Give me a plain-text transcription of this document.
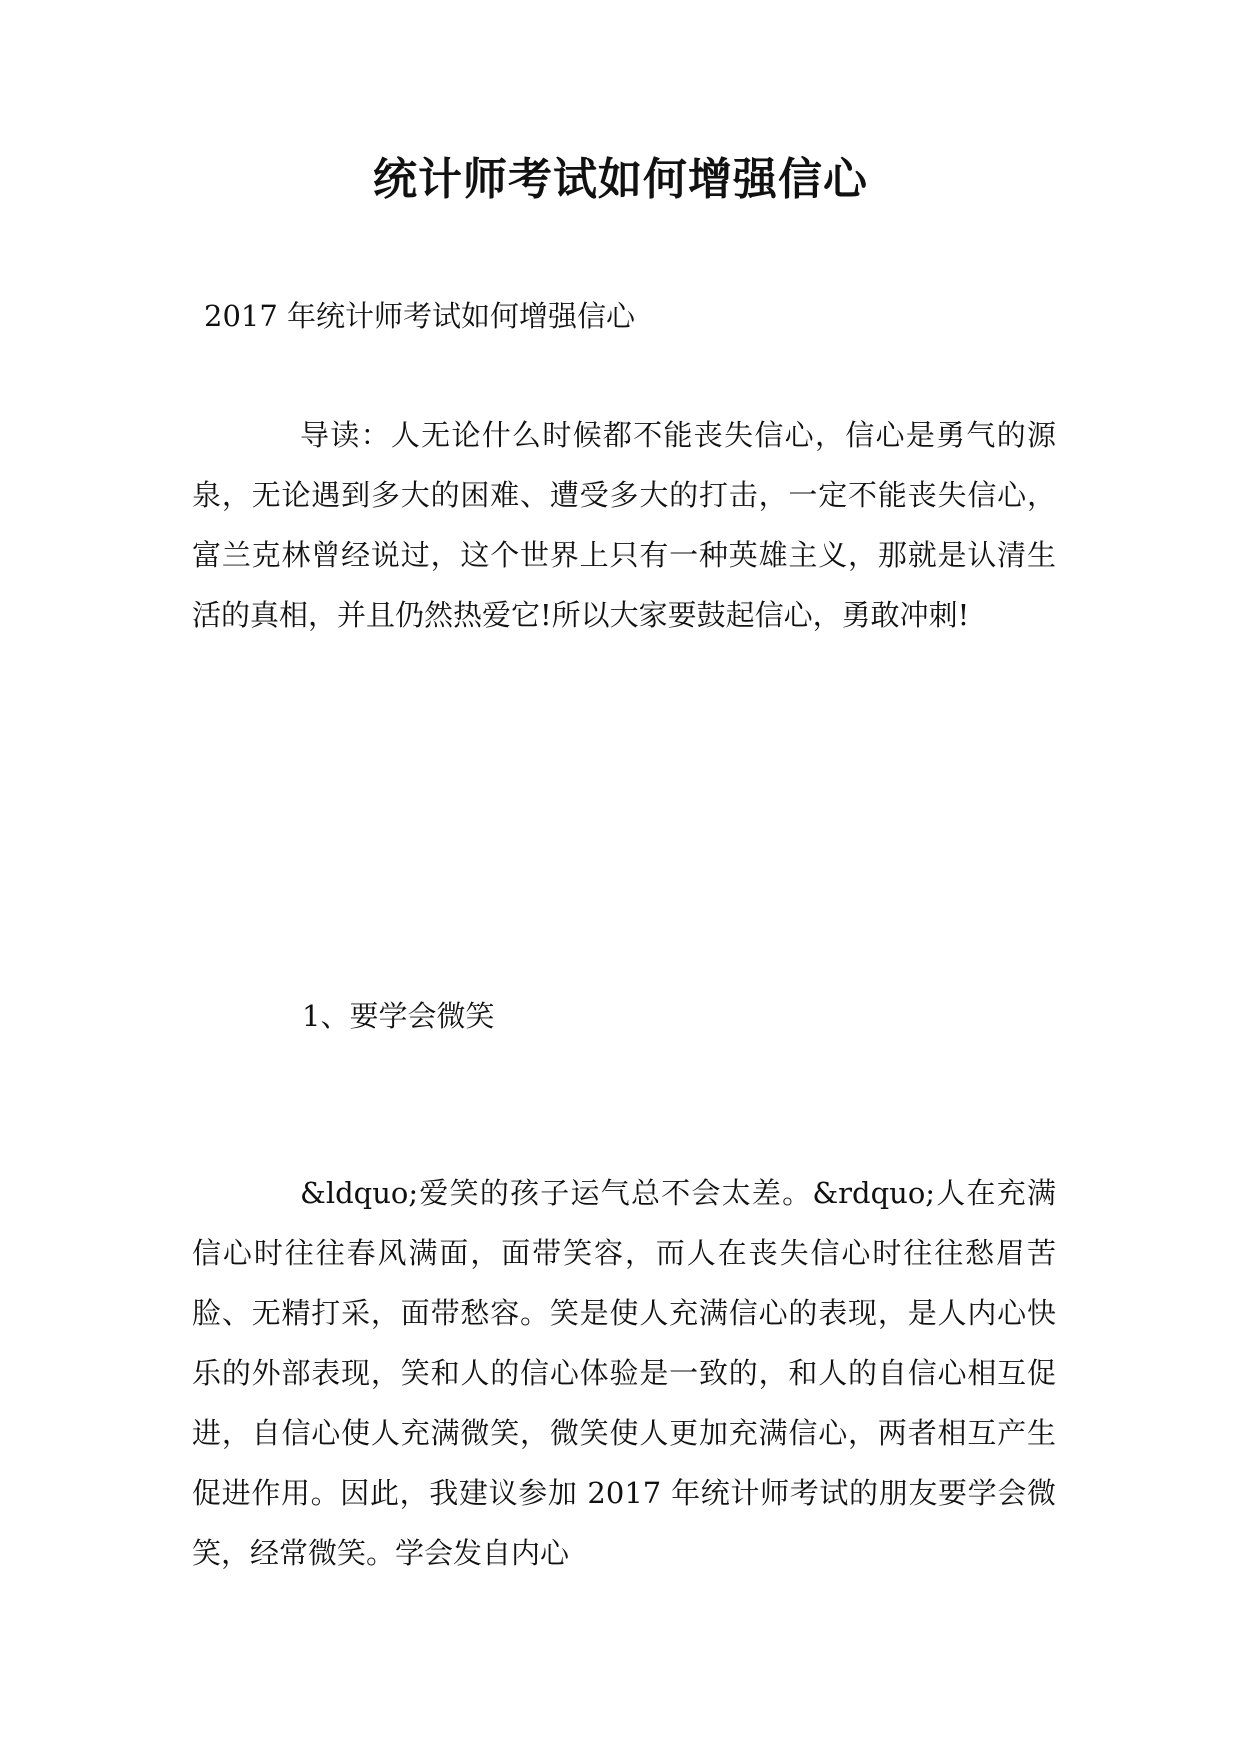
统计师考试如何增强信心

2017 年统计师考试如何增强信心

导读：人无论什么时候都不能丧失信心，信心是勇气的源泉，无论遇到多大的困难、遭受多大的打击，一定不能丧失信心，富兰克林曾经说过，这个世界上只有一种英雄主义，那就是认清生活的真相，并且仍然热爱它!所以大家要鼓起信心，勇敢冲刺!

1、要学会微笑

&ldquo;爱笑的孩子运气总不会太差。&rdquo;人在充满信心时往往春风满面，面带笑容，而人在丧失信心时往往愁眉苦脸、无精打采，面带愁容。笑是使人充满信心的表现，是人内心快乐的外部表现，笑和人的信心体验是一致的，和人的自信心相互促进，自信心使人充满微笑，微笑使人更加充满信心，两者相互产生促进作用。因此，我建议参加 2017 年统计师考试的朋友要学会微笑，经常微笑。学会发自内心
